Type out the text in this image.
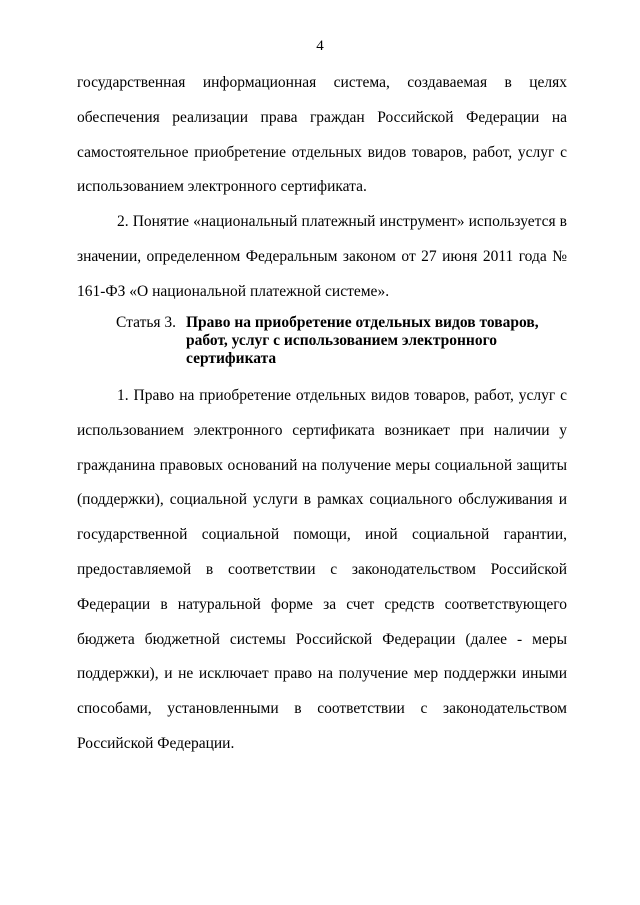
4

государственная информационная система, создаваемая в целях обеспечения реализации права граждан Российской Федерации на самостоятельное приобретение отдельных видов товаров, работ, услуг с использованием электронного сертификата.

2. Понятие «национальный платежный инструмент» используется в значении, определенном Федеральным законом от 27 июня 2011 года № 161-ФЗ «О национальной платежной системе».

Статья 3. Право на приобретение отдельных видов товаров, работ, услуг с использованием электронного сертификата

1. Право на приобретение отдельных видов товаров, работ, услуг с использованием электронного сертификата возникает при наличии у гражданина правовых оснований на получение меры социальной защиты (поддержки), социальной услуги в рамках социального обслуживания и государственной социальной помощи, иной социальной гарантии, предоставляемой в соответствии с законодательством Российской Федерации в натуральной форме за счет средств соответствующего бюджета бюджетной системы Российской Федерации (далее - меры поддержки), и не исключает право на получение мер поддержки иными способами, установленными в соответствии с законодательством Российской Федерации.
